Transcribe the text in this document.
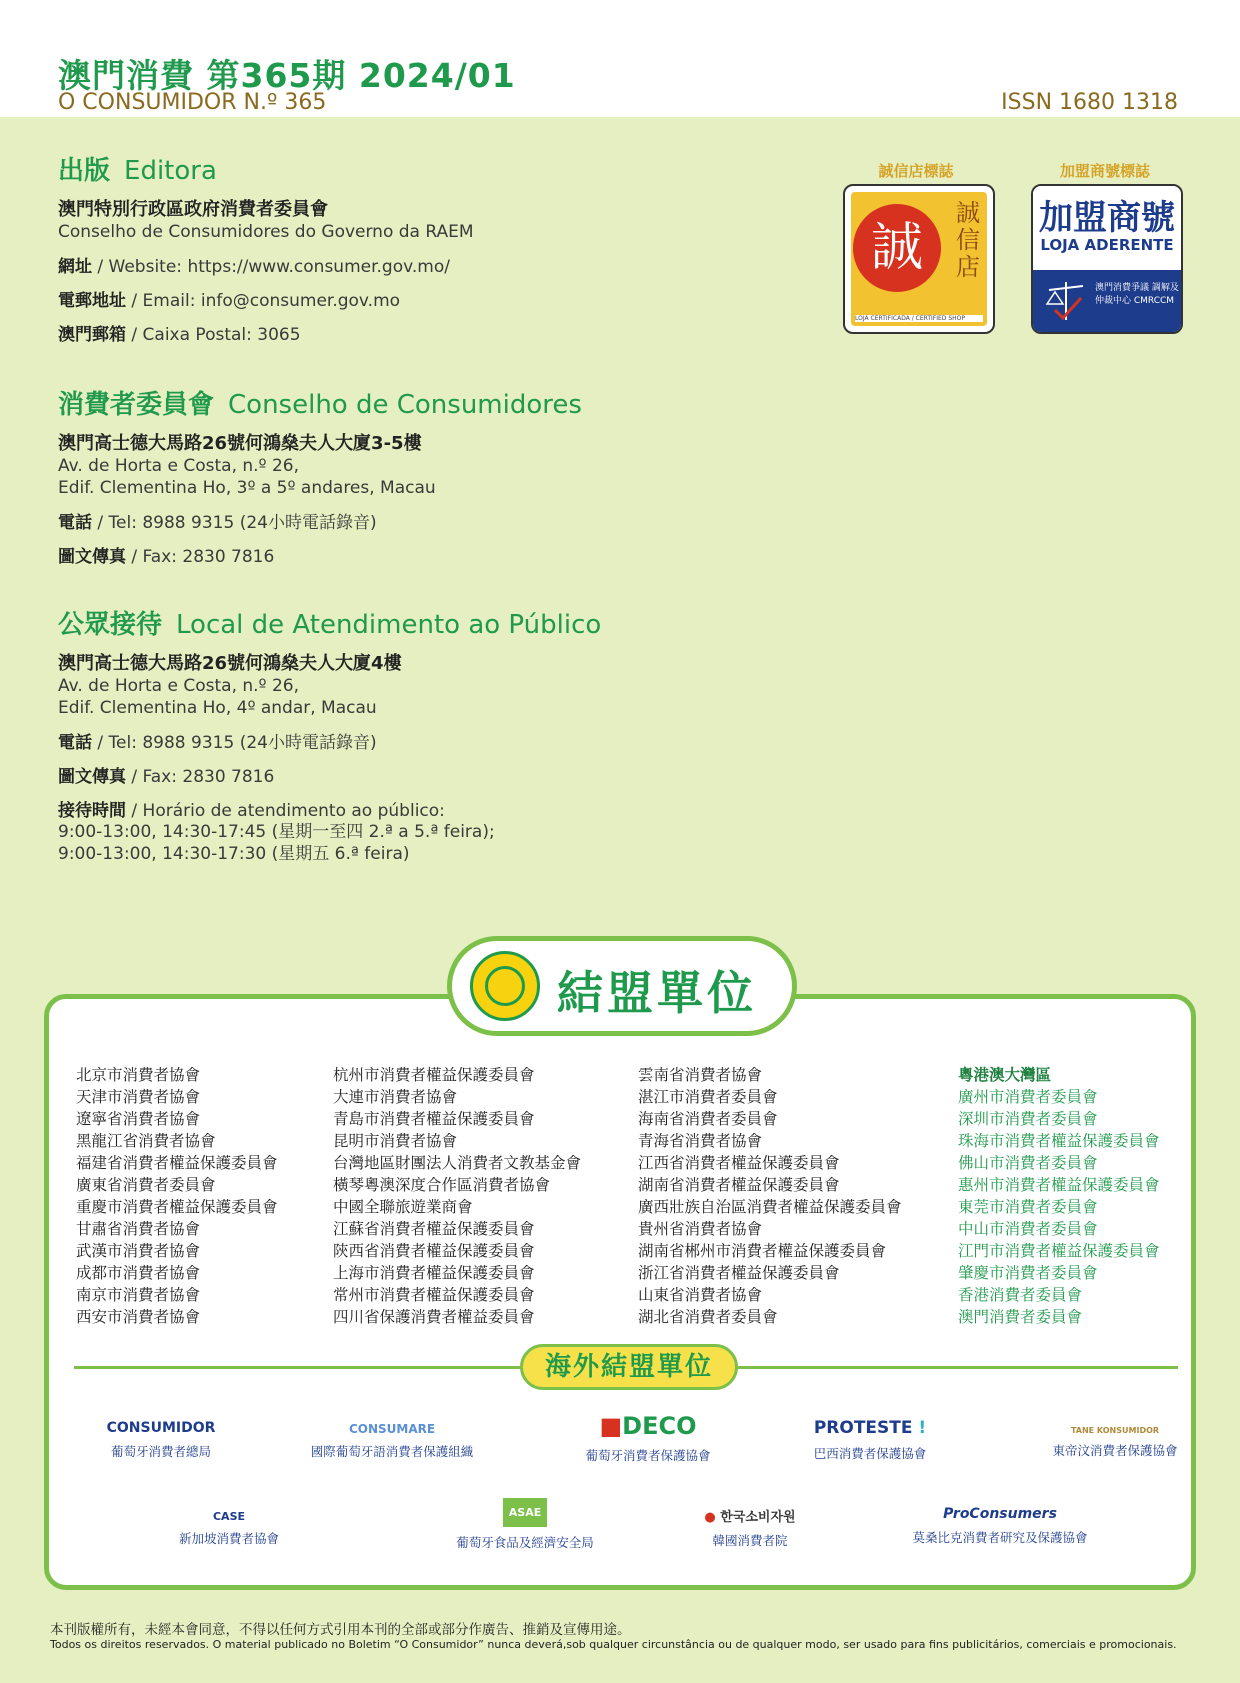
澳門消費 第365期 2024/01
O CONSUMIDOR N.º 365	ISSN 1680 1318
出版 Editora
澳門特別行政區政府消費者委員會
Conselho de Consumidores do Governo da RAEM
網址 / Website: https://www.consumer.gov.mo/
電郵地址 / Email: info@consumer.gov.mo
澳門郵箱 / Caixa Postal: 3065
誠信店標誌
誠
誠信店
LOJA CERTIFICADA / CERTIFIED SHOP
加盟商號標誌
加盟商號
LOJA ADERENTE
澳門消費爭議 調解及仲裁中心 CMRCCM
消費者委員會 Conselho de Consumidores
澳門高士德大馬路26號何鴻燊夫人大廈3-5樓
Av. de Horta e Costa, n.º 26,
Edif. Clementina Ho, 3º a 5º andares, Macau
電話 / Tel: 8988 9315 (24小時電話錄音)
圖文傳真 / Fax: 2830 7816
公眾接待 Local de Atendimento ao Público
澳門高士德大馬路26號何鴻燊夫人大廈4樓
Av. de Horta e Costa, n.º 26,
Edif. Clementina Ho, 4º andar, Macau
電話 / Tel: 8988 9315 (24小時電話錄音)
圖文傳真 / Fax: 2830 7816
接待時間 / Horário de atendimento ao público:
9:00-13:00, 14:30-17:45 (星期一至四 2.ª a 5.ª feira);
9:00-13:00, 14:30-17:30 (星期五 6.ª feira)
結盟單位
北京市消費者協會
天津市消費者協會
遼寧省消費者協會
黑龍江省消費者協會
福建省消費者權益保護委員會
廣東省消費者委員會
重慶市消費者權益保護委員會
甘肅省消費者協會
武漢市消費者協會
成都市消費者協會
南京市消費者協會
西安市消費者協會
杭州市消費者權益保護委員會
大連市消費者協會
青島市消費者權益保護委員會
昆明市消費者協會
台灣地區財團法人消費者文教基金會
橫琴粵澳深度合作區消費者協會
中國全聯旅遊業商會
江蘇省消費者權益保護委員會
陝西省消費者權益保護委員會
上海市消費者權益保護委員會
常州市消費者權益保護委員會
四川省保護消費者權益委員會
雲南省消費者協會
湛江市消費者委員會
海南省消費者委員會
青海省消費者協會
江西省消費者權益保護委員會
湖南省消費者權益保護委員會
廣西壯族自治區消費者權益保護委員會
貴州省消費者協會
湖南省郴州市消費者權益保護委員會
浙江省消費者權益保護委員會
山東省消費者協會
湖北省消費者委員會
粵港澳大灣區
廣州市消費者委員會
深圳市消費者委員會
珠海市消費者權益保護委員會
佛山市消費者委員會
惠州市消費者權益保護委員會
東莞市消費者委員會
中山市消費者委員會
江門市消費者權益保護委員會
肇慶市消費者委員會
香港消費者委員會
澳門消費者委員會
海外結盟單位
CONSUMIDOR
葡萄牙消費者總局
CONSUMARE
國際葡萄牙語消費者保護組織
■DECO
葡萄牙消費者保護協會
PROTESTE !
巴西消費者保護協會
TANE KONSUMIDOR
東帝汶消費者保護協會
CASE
新加坡消費者協會
ASAE
葡萄牙食品及經濟安全局
● 한국소비자원
韓國消費者院
ProConsumers
莫桑比克消費者研究及保護協會
本刊版權所有，未經本會同意，不得以任何方式引用本刊的全部或部分作廣告、推銷及宣傳用途。
Todos os direitos reservados. O material publicado no Boletim “O Consumidor” nunca deverá,sob qualquer circunstância ou de qualquer modo, ser usado para fins publicitários, comerciais e promocionais.
